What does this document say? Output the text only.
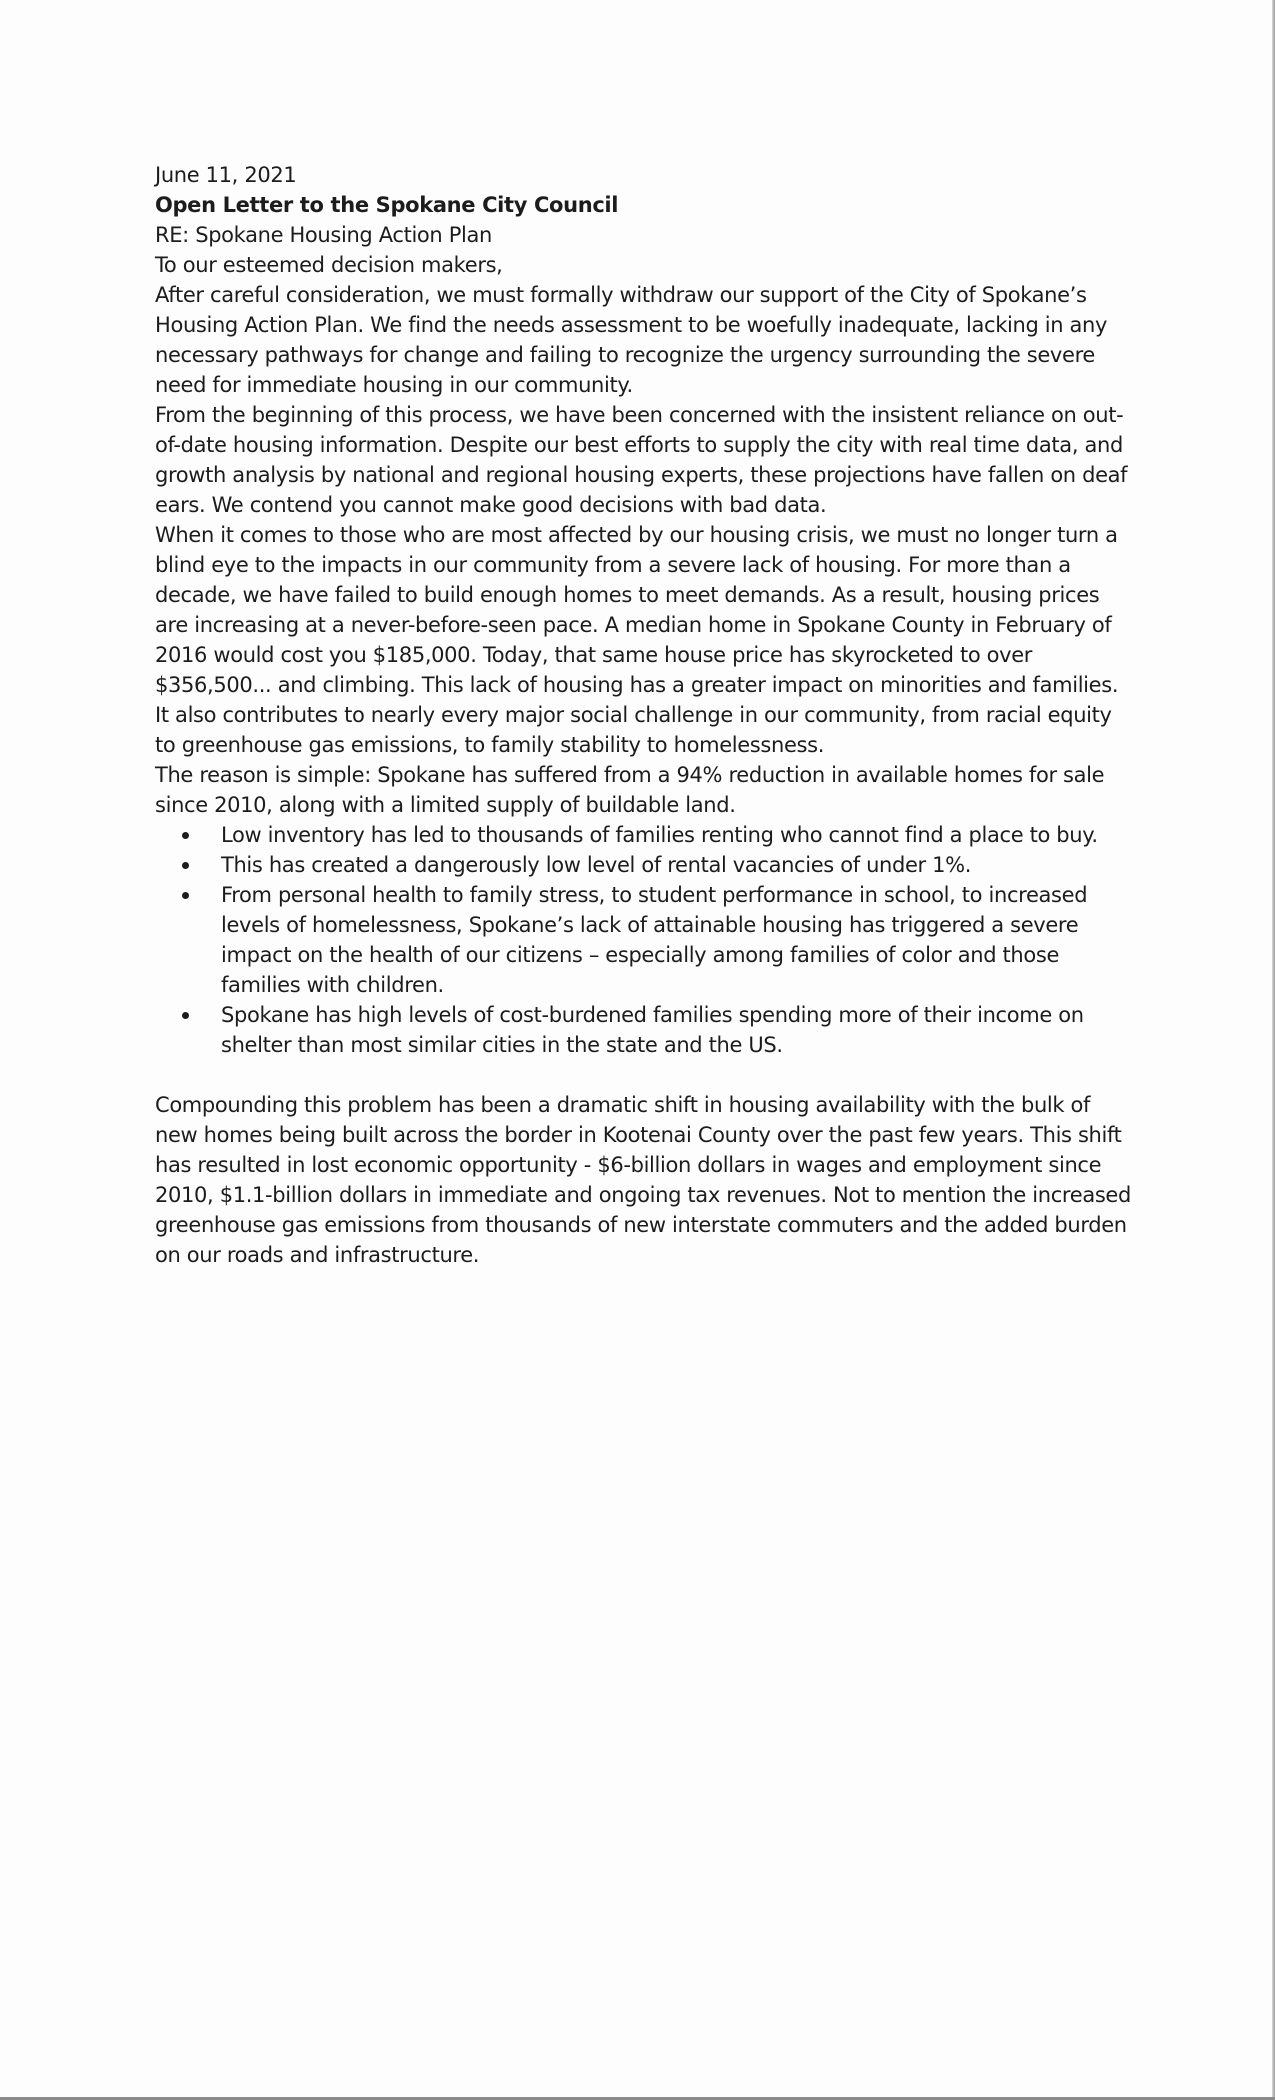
June 11, 2021

Open Letter to the Spokane City Council

RE: Spokane Housing Action Plan

To our esteemed decision makers,

After careful consideration, we must formally withdraw our support of the City of Spokane’s Housing Action Plan. We find the needs assessment to be woefully inadequate, lacking in any necessary pathways for change and failing to recognize the urgency surrounding the severe need for immediate housing in our community.

From the beginning of this process, we have been concerned with the insistent reliance on out-of-date housing information. Despite our best efforts to supply the city with real time data, and growth analysis by national and regional housing experts, these projections have fallen on deaf ears. We contend you cannot make good decisions with bad data.

When it comes to those who are most affected by our housing crisis, we must no longer turn a blind eye to the impacts in our community from a severe lack of housing. For more than a decade, we have failed to build enough homes to meet demands. As a result, housing prices are increasing at a never-before-seen pace. A median home in Spokane County in February of 2016 would cost you $185,000. Today, that same house price has skyrocketed to over $356,500... and climbing. This lack of housing has a greater impact on minorities and families. It also contributes to nearly every major social challenge in our community, from racial equity to greenhouse gas emissions, to family stability to homelessness.

The reason is simple: Spokane has suffered from a 94% reduction in available homes for sale since 2010, along with a limited supply of buildable land.

Low inventory has led to thousands of families renting who cannot find a place to buy.
This has created a dangerously low level of rental vacancies of under 1%.
From personal health to family stress, to student performance in school, to increased levels of homelessness, Spokane’s lack of attainable housing has triggered a severe impact on the health of our citizens – especially among families of color and those families with children.
Spokane has high levels of cost-burdened families spending more of their income on shelter than most similar cities in the state and the US.

Compounding this problem has been a dramatic shift in housing availability with the bulk of new homes being built across the border in Kootenai County over the past few years. This shift has resulted in lost economic opportunity - $6-billion dollars in wages and employment since 2010, $1.1-billion dollars in immediate and ongoing tax revenues. Not to mention the increased greenhouse gas emissions from thousands of new interstate commuters and the added burden on our roads and infrastructure.
